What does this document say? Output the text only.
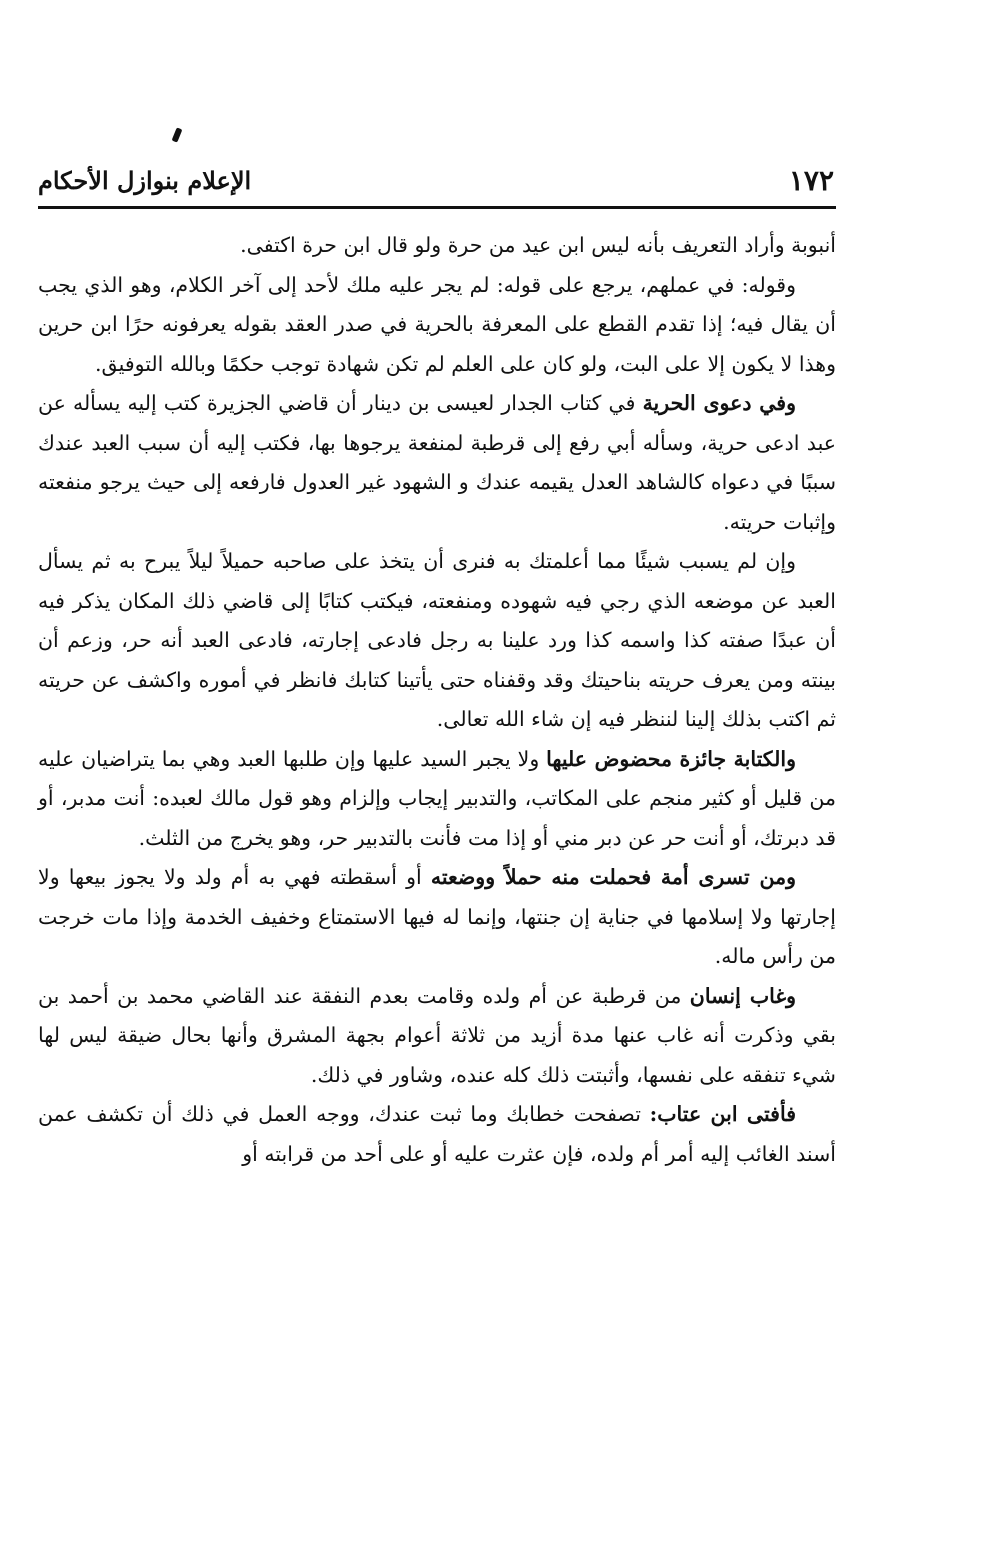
١٧٢
الإعلام بنوازل الأحكام

أنبوبة وأراد التعريف بأنه ليس ابن عيد من حرة ولو قال ابن حرة اكتفى.

وقوله: في عملهم، يرجع على قوله: لم يجر عليه ملك لأحد إلى آخر الكلام، وهو الذي يجب أن يقال فيه؛ إذا تقدم القطع على المعرفة بالحرية في صدر العقد بقوله يعرفونه حرًا ابن حرين وهذا لا يكون إلا على البت، ولو كان على العلم لم تكن شهادة توجب حكمًا وبالله التوفيق.

وفي دعوى الحرية في كتاب الجدار لعيسى بن دينار أن قاضي الجزيرة كتب إليه يسأله عن عبد ادعى حرية، وسأله أبي رفع إلى قرطبة لمنفعة يرجوها بها، فكتب إليه أن سبب العبد عندك سببًا في دعواه كالشاهد العدل يقيمه عندك و الشهود غير العدول فارفعه إلى حيث يرجو منفعته وإثبات حريته.

وإن لم يسبب شيئًا مما أعلمتك به فنرى أن يتخذ على صاحبه حميلاً ليلاً يبرح به ثم يسأل العبد عن موضعه الذي رجي فيه شهوده ومنفعته، فيكتب كتابًا إلى قاضي ذلك المكان يذكر فيه أن عبدًا صفته كذا واسمه كذا ورد علينا به رجل فادعى إجارته، فادعى العبد أنه حر، وزعم أن بينته ومن يعرف حريته بناحيتك وقد وقفناه حتى يأتينا كتابك فانظر في أموره واكشف عن حريته ثم اكتب بذلك إلينا لننظر فيه إن شاء الله تعالى.

والكتابة جائزة محضوض عليها ولا يجبر السيد عليها وإن طلبها العبد وهي بما يتراضيان عليه من قليل أو كثير منجم على المكاتب، والتدبير إيجاب وإلزام وهو قول مالك لعبده: أنت مدبر، أو قد دبرتك، أو أنت حر عن دبر مني أو إذا مت فأنت بالتدبير حر، وهو يخرج من الثلث.

ومن تسرى أمة فحملت منه حملاً ووضعته أو أسقطته فهي به أم ولد ولا يجوز بيعها ولا إجارتها ولا إسلامها في جناية إن جنتها، وإنما له فيها الاستمتاع وخفيف الخدمة وإذا مات خرجت من رأس ماله.

وغاب إنسان من قرطبة عن أم ولده وقامت بعدم النفقة عند القاضي محمد بن أحمد بن بقي وذكرت أنه غاب عنها مدة أزيد من ثلاثة أعوام بجهة المشرق وأنها بحال ضيقة ليس لها شيء تنفقه على نفسها، وأثبتت ذلك كله عنده، وشاور في ذلك.

فأفتى ابن عتاب: تصفحت خطابك وما ثبت عندك، ووجه العمل في ذلك أن تكشف عمن أسند الغائب إليه أمر أم ولده، فإن عثرت عليه أو على أحد من قرابته أو
